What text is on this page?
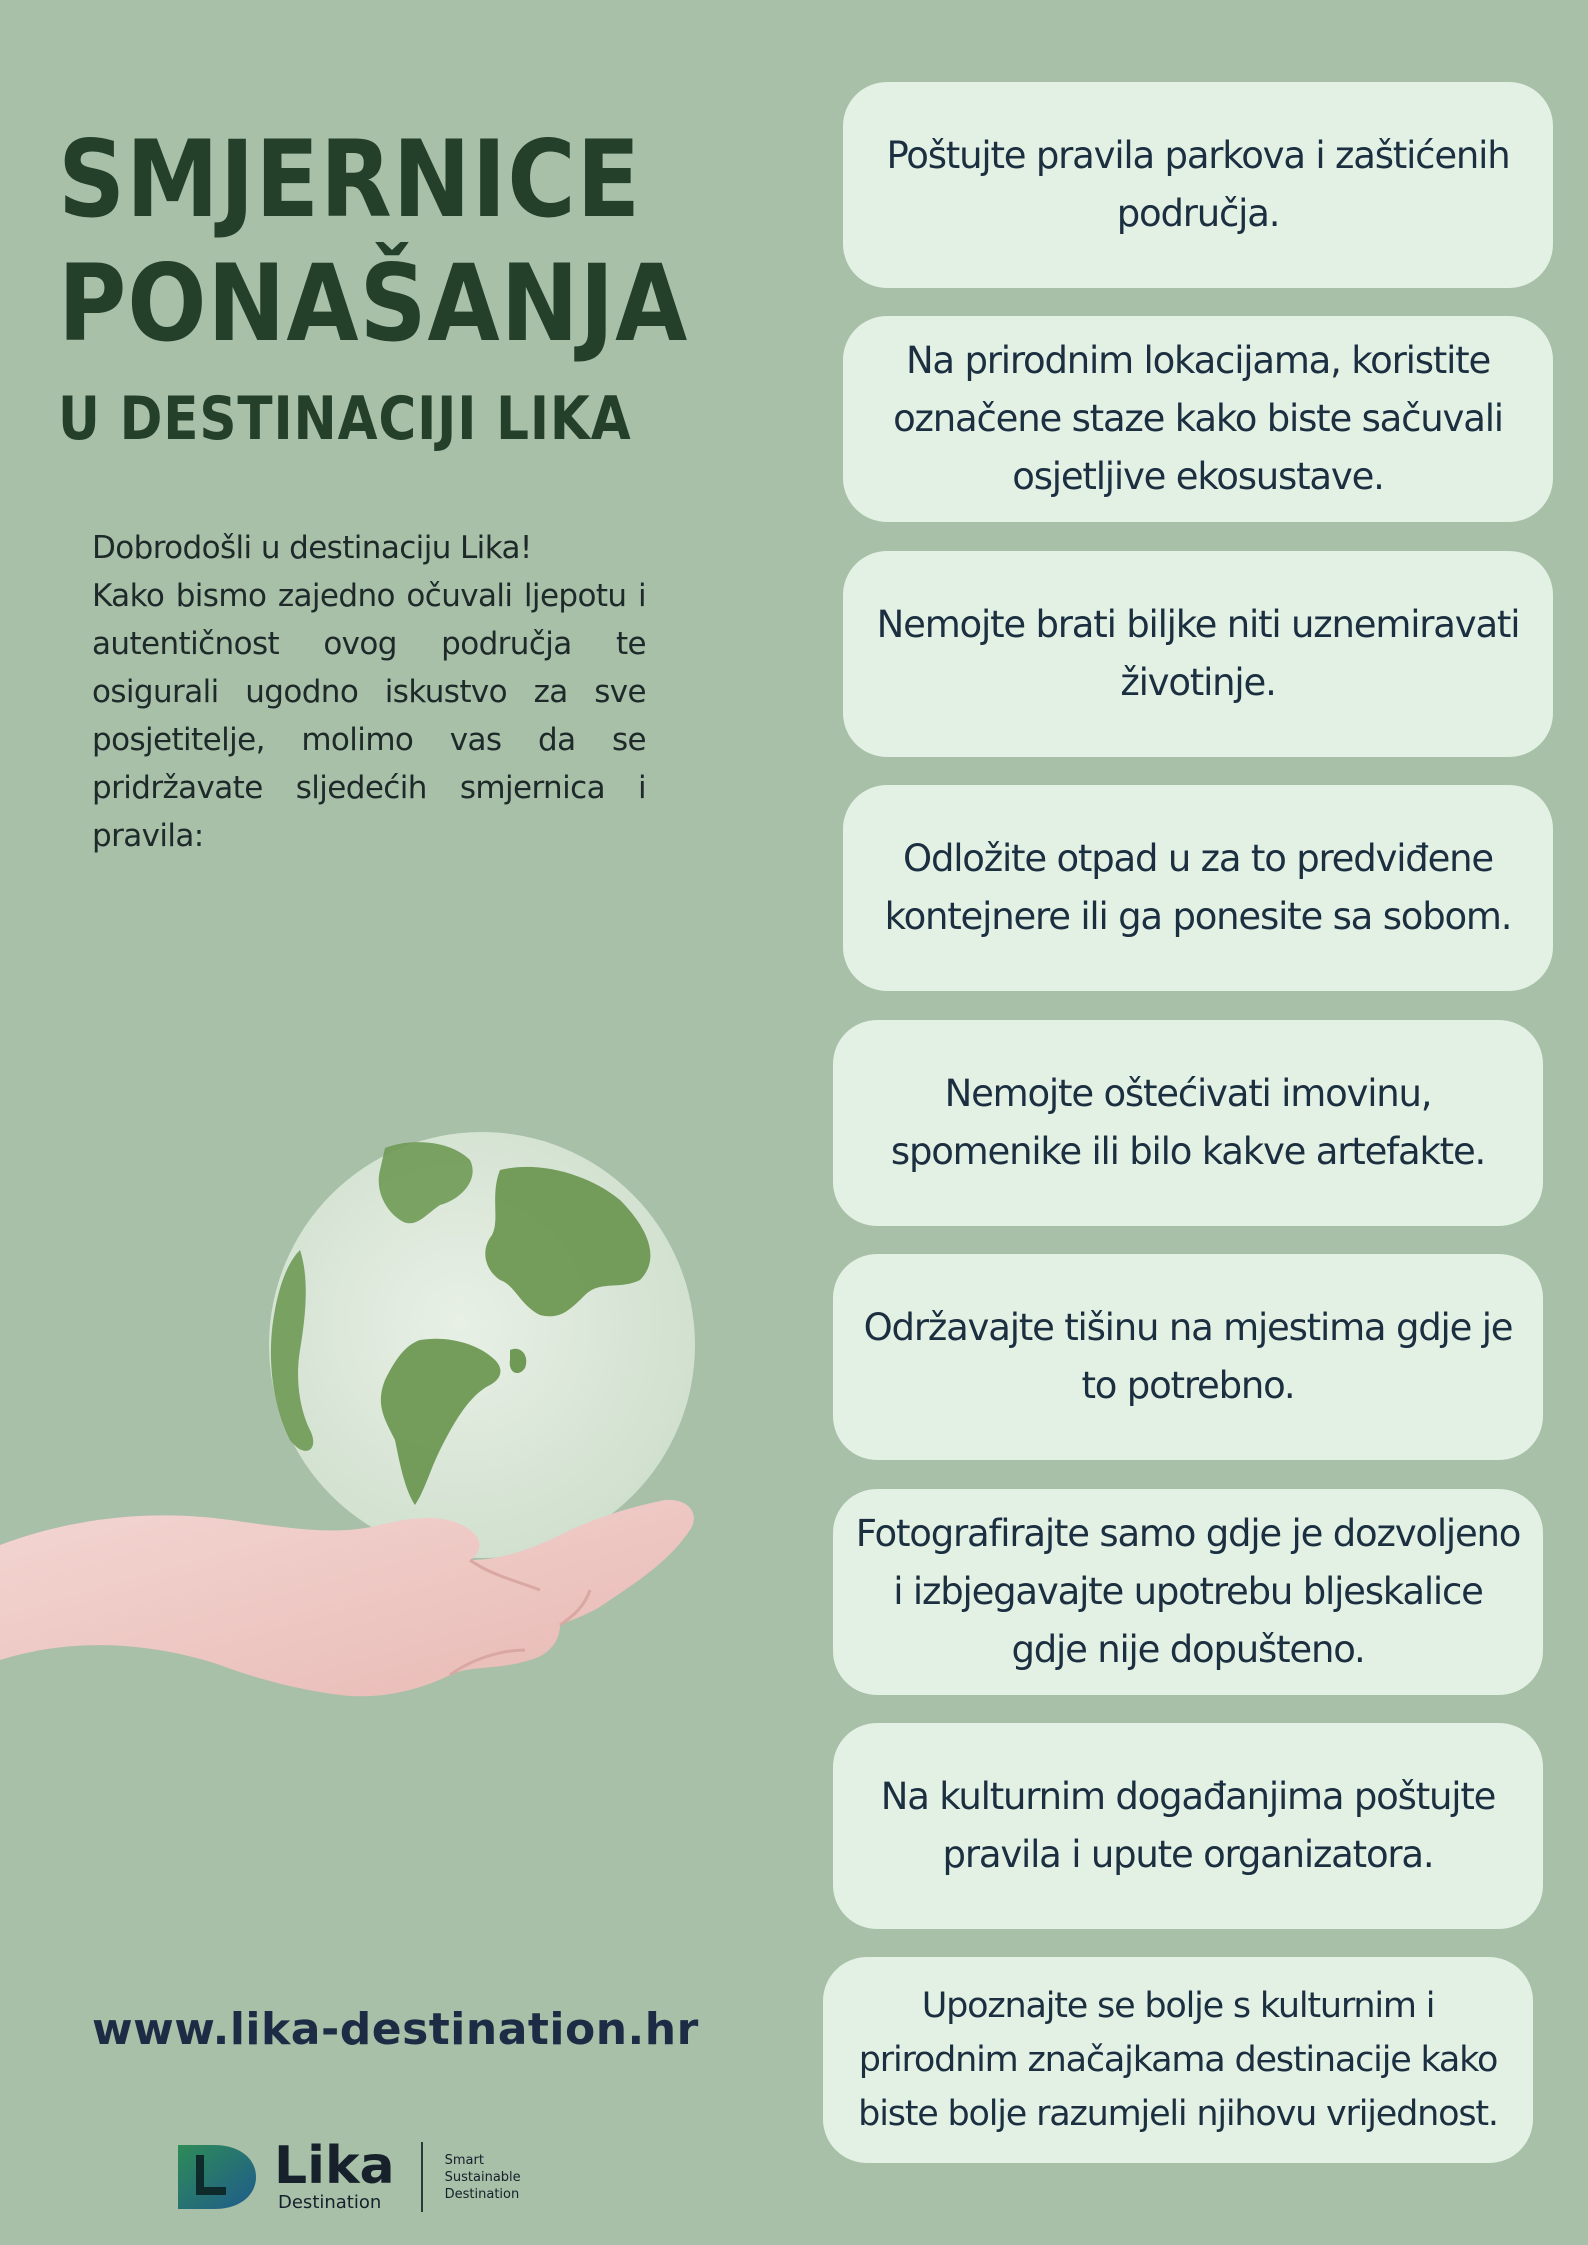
SMJERNICE
PONAŠANJA
U DESTINACIJI LIKA

Dobrodošli u destinaciju Lika!

Kako bismo zajedno očuvali ljepotu i autentičnost ovog područja te osigurali ugodno iskustvo za sve posjetitelje, molimo vas da se pridržavate sljedećih smjernica i pravila:

Poštujte pravila parkova i zaštićenih područja.
Na prirodnim lokacijama, koristite označene staze kako biste sačuvali osjetljive ekosustave.
Nemojte brati biljke niti uznemiravati životinje.
Odložite otpad u za to predviđene kontejnere ili ga ponesite sa sobom.
Nemojte oštećivati imovinu, spomenike ili bilo kakve artefakte.
Održavajte tišinu na mjestima gdje je to potrebno.
Fotografirajte samo gdje je dozvoljeno i izbjegavajte upotrebu bljeskalice gdje nije dopušteno.
Na kulturnim događanjima poštujte pravila i upute organizatora.
Upoznajte se bolje s kulturnim i prirodnim značajkama destinacije kako biste bolje razumjeli njihovu vrijednost.
www.lika-destination.hr
Lika
Destination
Smart
Sustainable
Destination
